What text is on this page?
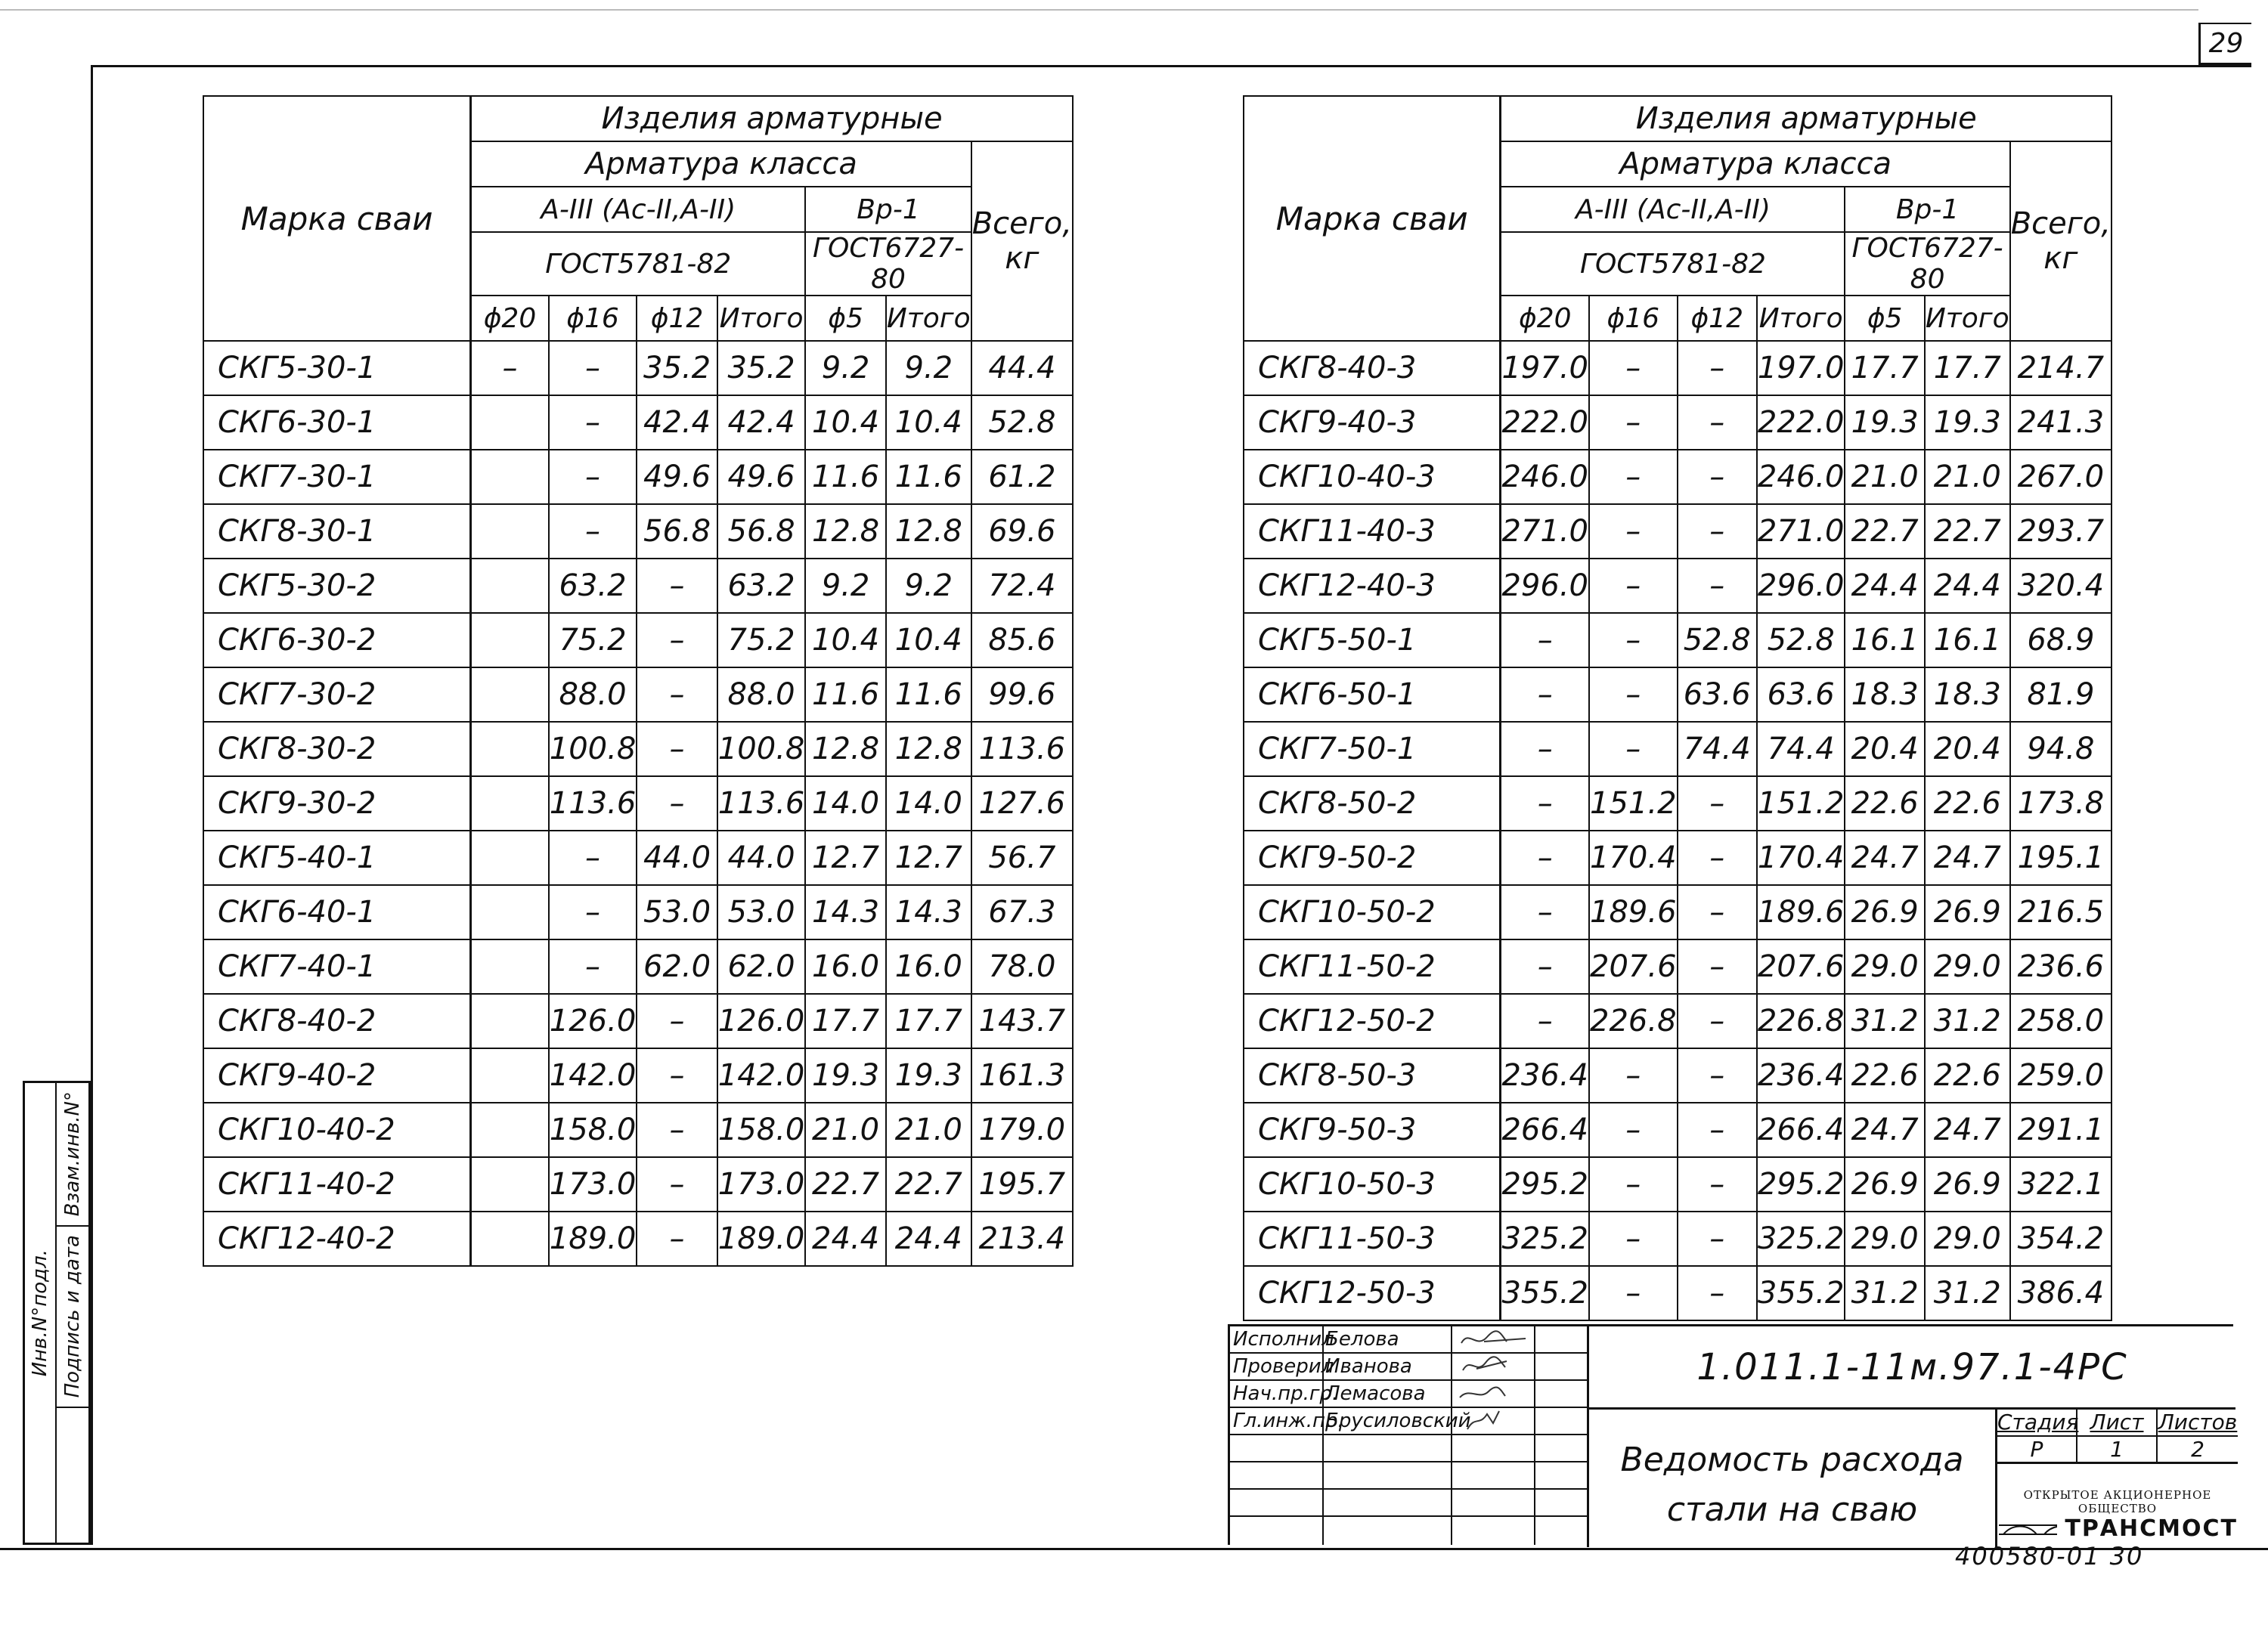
29
Инв.N°подл.
Взам.инв.N°
Подпись и дата
Марка сваи	Изделия арматурные						
	Арматура класса						Всего, кг
	A-III (Ac-II,A-II)				Bp-1		
	ГОСТ5781-82				ГОСТ6727-80		
	ϕ20	ϕ16	ϕ12	Итого	ϕ5	Итого	
СКГ5-30-1	–	–	35.2	35.2	9.2	9.2	44.4
СКГ6-30-1		–	42.4	42.4	10.4	10.4	52.8
СКГ7-30-1		–	49.6	49.6	11.6	11.6	61.2
СКГ8-30-1		–	56.8	56.8	12.8	12.8	69.6
СКГ5-30-2		63.2	–	63.2	9.2	9.2	72.4
СКГ6-30-2		75.2	–	75.2	10.4	10.4	85.6
СКГ7-30-2		88.0	–	88.0	11.6	11.6	99.6
СКГ8-30-2		100.8	–	100.8	12.8	12.8	113.6
СКГ9-30-2		113.6	–	113.6	14.0	14.0	127.6
СКГ5-40-1		–	44.0	44.0	12.7	12.7	56.7
СКГ6-40-1		–	53.0	53.0	14.3	14.3	67.3
СКГ7-40-1		–	62.0	62.0	16.0	16.0	78.0
СКГ8-40-2		126.0	–	126.0	17.7	17.7	143.7
СКГ9-40-2		142.0	–	142.0	19.3	19.3	161.3
СКГ10-40-2		158.0	–	158.0	21.0	21.0	179.0
СКГ11-40-2		173.0	–	173.0	22.7	22.7	195.7
СКГ12-40-2		189.0	–	189.0	24.4	24.4	213.4
Марка сваи	Изделия арматурные						
	Арматура класса						Всего, кг
	A-III (Ac-II,A-II)				Bp-1		
	ГОСТ5781-82				ГОСТ6727-80		
	ϕ20	ϕ16	ϕ12	Итого	ϕ5	Итого	
СКГ8-40-3	197.0	–	–	197.0	17.7	17.7	214.7
СКГ9-40-3	222.0	–	–	222.0	19.3	19.3	241.3
СКГ10-40-3	246.0	–	–	246.0	21.0	21.0	267.0
СКГ11-40-3	271.0	–	–	271.0	22.7	22.7	293.7
СКГ12-40-3	296.0	–	–	296.0	24.4	24.4	320.4
СКГ5-50-1	–	–	52.8	52.8	16.1	16.1	68.9
СКГ6-50-1	–	–	63.6	63.6	18.3	18.3	81.9
СКГ7-50-1	–	–	74.4	74.4	20.4	20.4	94.8
СКГ8-50-2	–	151.2	–	151.2	22.6	22.6	173.8
СКГ9-50-2	–	170.4	–	170.4	24.7	24.7	195.1
СКГ10-50-2	–	189.6	–	189.6	26.9	26.9	216.5
СКГ11-50-2	–	207.6	–	207.6	29.0	29.0	236.6
СКГ12-50-2	–	226.8	–	226.8	31.2	31.2	258.0
СКГ8-50-3	236.4	–	–	236.4	22.6	22.6	259.0
СКГ9-50-3	266.4	–	–	266.4	24.7	24.7	291.1
СКГ10-50-3	295.2	–	–	295.2	26.9	26.9	322.1
СКГ11-50-3	325.2	–	–	325.2	29.0	29.0	354.2
СКГ12-50-3	355.2	–	–	355.2	31.2	31.2	386.4
Исполнил
Белова
Проверил
Иванова
Нач.пр.гр.
Лемасова
Гл.инж.пр.
Брусиловский
1.011.1-11м.97.1-4РС
Ведомость расхода
стали на сваю
Стадия Лист Листов
Р	1	2
ОТКРЫТОЕ АКЦИОНЕРНОЕ ОБЩЕСТВО
ТРАНСМОСТ
400580-01 30
